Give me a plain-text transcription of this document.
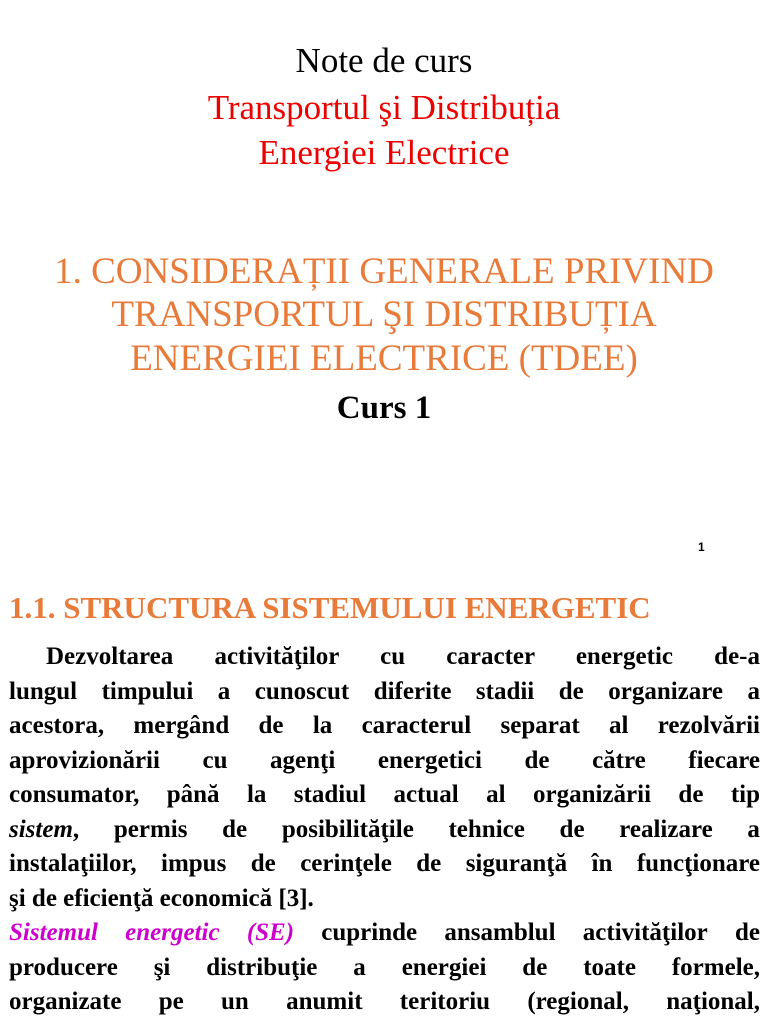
Note de curs
Transportul şi Distribuția
Energiei Electrice
1. CONSIDERAȚII GENERALE PRIVIND
TRANSPORTUL ŞI DISTRIBUȚIA
ENERGIEI ELECTRICE (TDEE)
Curs 1
1
1.1. STRUCTURA SISTEMULUI ENERGETIC
Dezvoltarea activităţilor cu caracter energetic de-a
lungul timpului a cunoscut diferite stadii de organizare a
acestora, mergând de la caracterul separat al rezolvării
aprovizionării cu agenţi energetici de către fiecare
consumator, până la stadiul actual al organizării de tip
sistem, permis de posibilităţile tehnice de realizare a
instalaţiilor, impus de cerinţele de siguranţă în funcţionare
şi de eficienţă economică [3].
Sistemul energetic (SE) cuprinde ansamblul activităţilor de
producere şi distribuţie a energiei de toate formele,
organizate pe un anumit teritoriu (regional, naţional,
